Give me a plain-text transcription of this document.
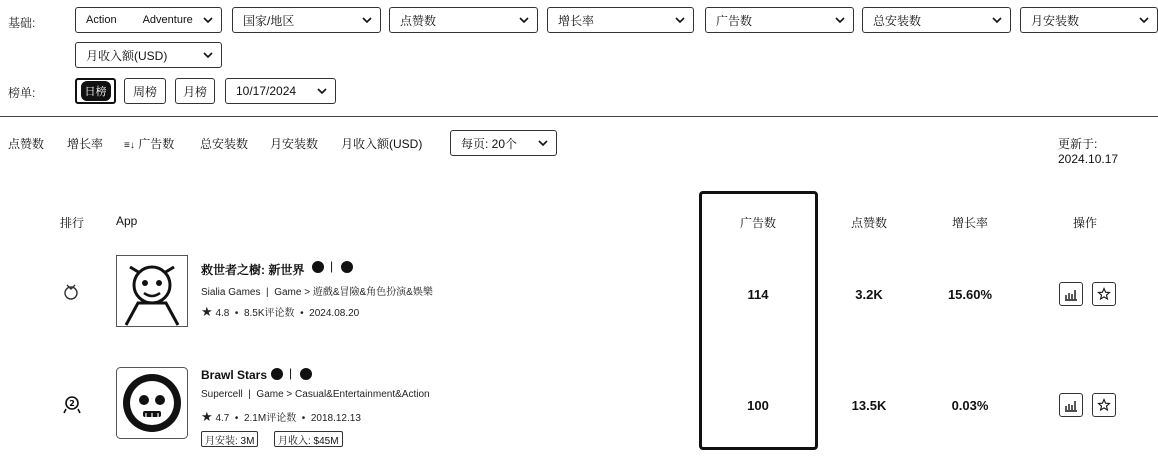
基础:	Action Adventure	国家/地区	点赞数	增长率	广告数	总安装数	月安装数
月收入额(USD)
榜单:	日榜	周榜 月榜 10/17/2024
点赞数 增长率 ≡↓ 广告数 总安装数 月安装数 月收入额(USD)	每页: 20个	更新于: 2024.10.17
排行	App	广告数	点赞数	增长率	操作
救世者之樹: 新世界 |
Sialia Games  |  Game > 遊戲&冒險&角色扮演&娛樂
★ 4.8  •  8.5K评论数  •  2024.08.20
114	3.2K	15.60%
2
Brawl Stars |
Supercell  |  Game > Casual&Entertainment&Action
★ 4.7  •  2.1M评论数  •  2018.12.13
月安装: 3M	月收入: $45M
100	13.5K	0.03%
